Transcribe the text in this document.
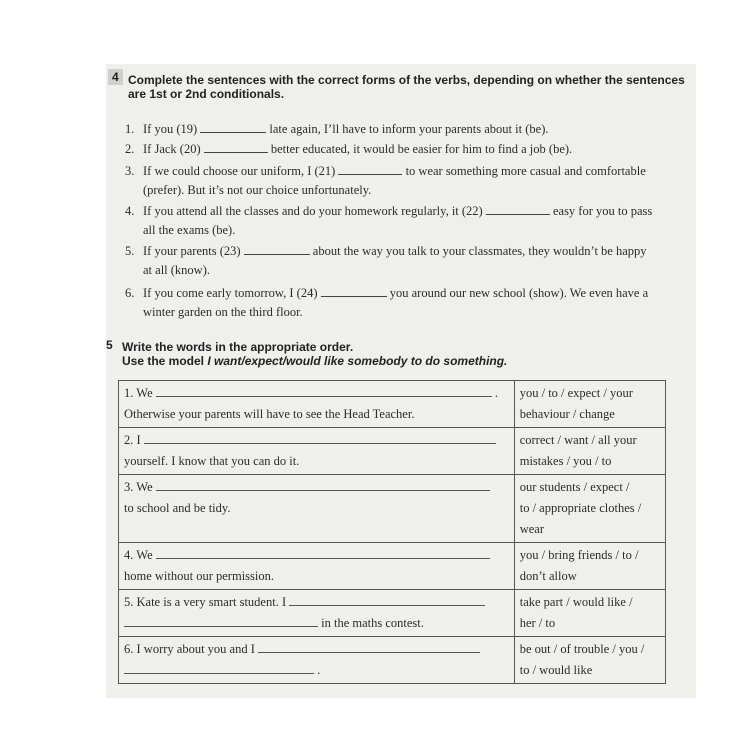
4 Complete the sentences with the correct forms of the verbs, depending on whether the sentences
are 1st or 2nd conditionals.
1. If you (19)	late again, I’ll have to inform your parents about it (be).
2. If Jack (20)	better educated, it would be easier for him to find a job (be).
3. If we could choose our uniform, I (21)	to wear something more casual and comfortable
(prefer). But it’s not our choice unfortunately.
4. If you attend all the classes and do your homework regularly, it (22)	easy for you to pass
all the exams (be).
5. If your parents (23)	about the way you talk to your classmates, they wouldn’t be happy
at all (know).
6. If you come early tomorrow, I (24)	you around our new school (show). We even have a
winter garden on the third floor.
5 Write the words in the appropriate order.
Use the model I want/expect/would like somebody to do something.
1. We .
Otherwise your parents will have to see the Head Teacher.	you / to / expect / your
behaviour / change

2. I
yourself. I know that you can do it.	correct / want / all your
mistakes / you / to

3. We
to school and be tidy.	our students / expect /
to / appropriate clothes /
wear

4. We
home without our permission.	you / bring friends / to /
don’t allow

5. Kate is a very smart student. I
in the maths contest.	take part / would like /
her / to

6. I worry about you and I
.	be out / of trouble / you /
to / would like
